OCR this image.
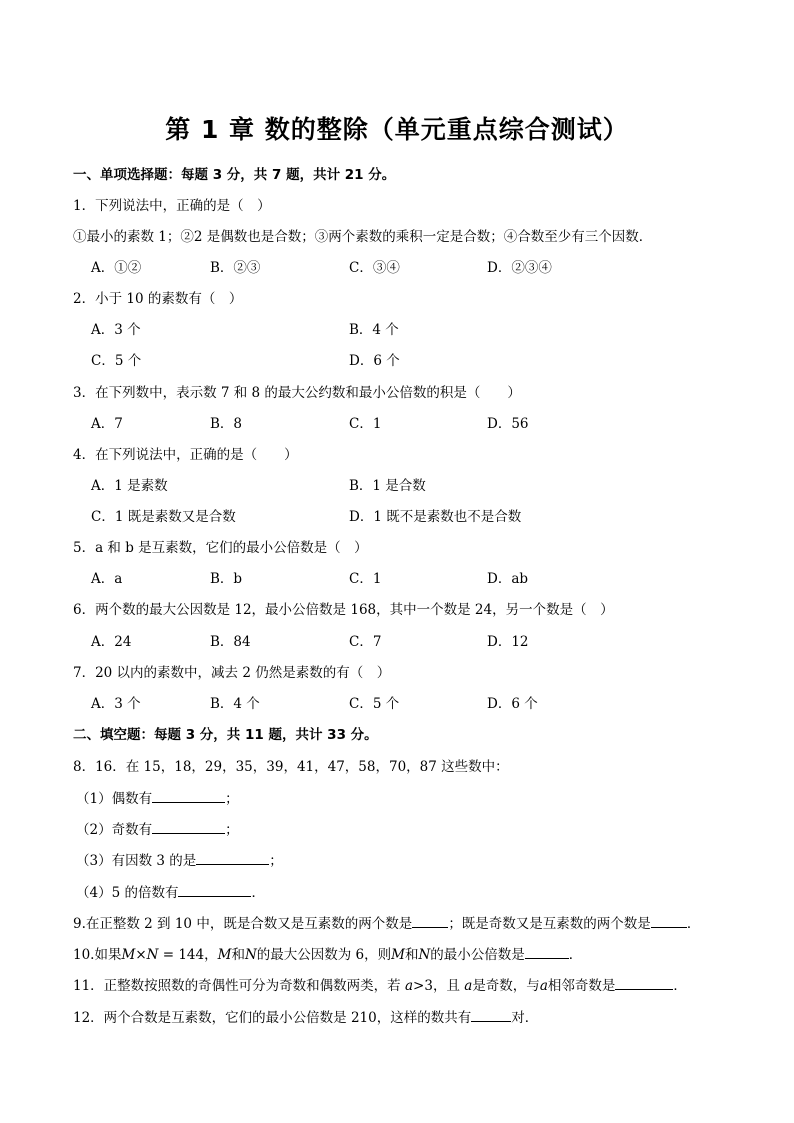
第 1 章 数的整除（单元重点综合测试）
一、单项选择题：每题 3 分，共 7 题，共计 21 分。
1．下列说法中，正确的是（　）
①最小的素数 1；②2 是偶数也是合数；③两个素数的乘积一定是合数；④合数至少有三个因数．
A．①②	B．②③	C．③④	D．②③④
2．小于 10 的素数有（　）
A．3 个	B．4 个
C．5 个	D．6 个
3．在下列数中，表示数 7 和 8 的最大公约数和最小公倍数的积是（　　）
A．7	B．8	C．1	D．56
4．在下列说法中，正确的是（　　）
A．1 是素数	B．1 是合数
C．1 既是素数又是合数	D．1 既不是素数也不是合数
5．a 和 b 是互素数，它们的最小公倍数是（　）
A．a	B．b	C．1	D．ab
6．两个数的最大公因数是 12，最小公倍数是 168，其中一个数是 24，另一个数是（　）
A．24	B．84	C．7	D．12
7．20 以内的素数中，减去 2 仍然是素数的有（　）
A．3 个	B．4 个	C．5 个	D．6 个
二、填空题：每题 3 分，共 11 题，共计 33 分。
8．16．在 15，18，29，35，39，41，47，58，70，87 这些数中：
（1）偶数有	；
（2）奇数有	；
（3）有因数 3 的是	；
（4）5 的倍数有	．
9.在正整数 2 到 10 中，既是合数又是互素数的两个数是	；既是奇数又是互素数的两个数是	．
10.如果M×N = 144，M和N的最大公因数为 6，则M和N的最小公倍数是	．
11．正整数按照数的奇偶性可分为奇数和偶数两类，若 a>3，且 a是奇数，与a相邻奇数是	．
12．两个合数是互素数，它们的最小公倍数是 210，这样的数共有	对．
